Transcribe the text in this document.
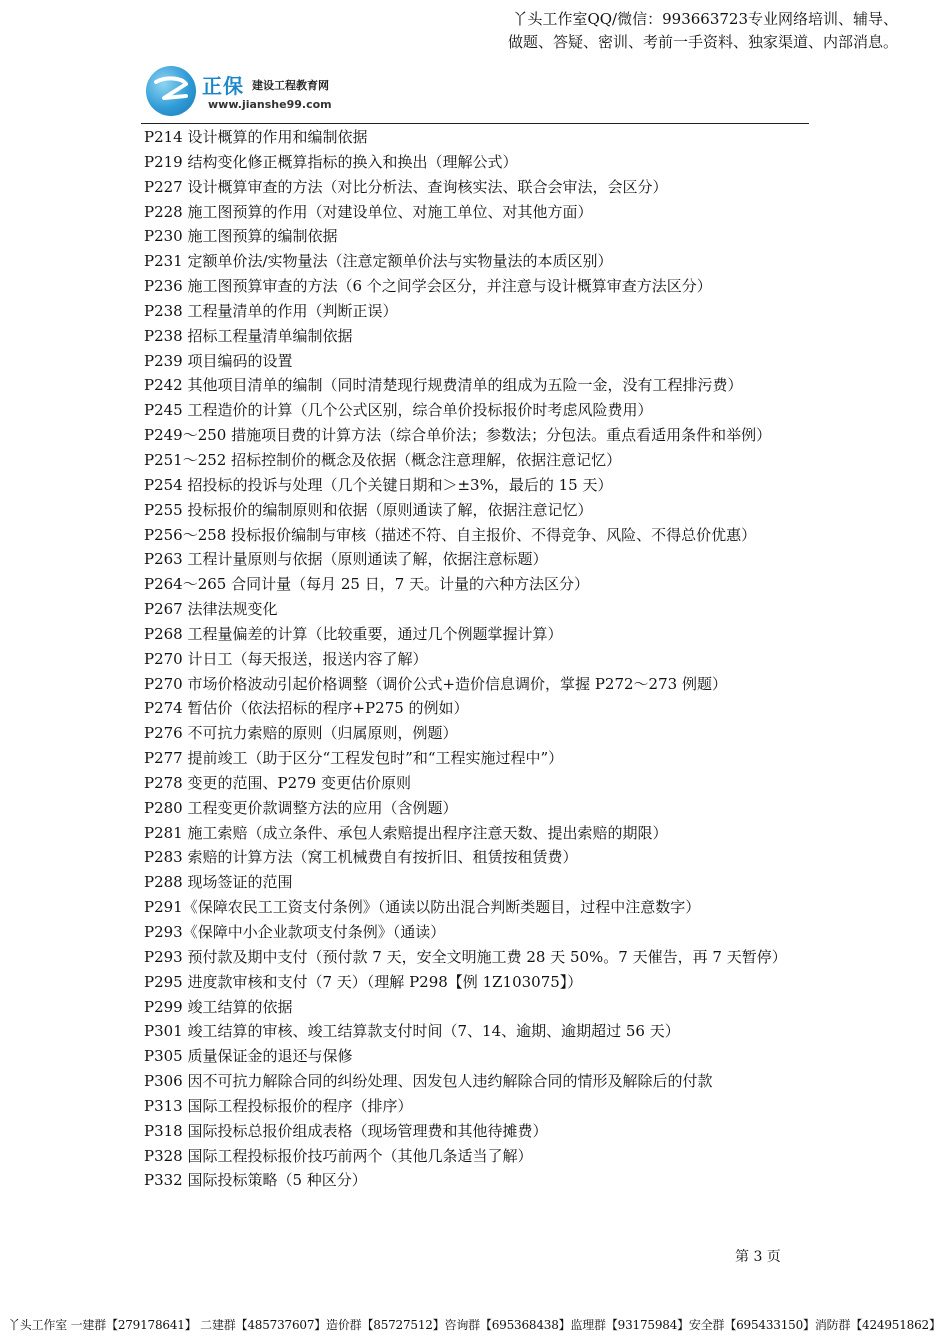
丫头工作室QQ/微信：993663723专业网络培训、辅导、
做题、答疑、密训、考前一手资料、独家渠道、内部消息。
正保 建设工程教育网
www.jianshe99.com
P214 设计概算的作用和编制依据
P219 结构变化修正概算指标的换入和换出（理解公式）
P227 设计概算审查的方法（对比分析法、查询核实法、联合会审法，会区分）
P228 施工图预算的作用（对建设单位、对施工单位、对其他方面）
P230 施工图预算的编制依据
P231 定额单价法/实物量法（注意定额单价法与实物量法的本质区别）
P236 施工图预算审查的方法（6 个之间学会区分，并注意与设计概算审查方法区分）
P238 工程量清单的作用（判断正误）
P238 招标工程量清单编制依据
P239 项目编码的设置
P242 其他项目清单的编制（同时清楚现行规费清单的组成为五险一金，没有工程排污费）
P245 工程造价的计算（几个公式区别，综合单价投标报价时考虑风险费用）
P249～250 措施项目费的计算方法（综合单价法；参数法；分包法。重点看适用条件和举例）
P251～252 招标控制价的概念及依据（概念注意理解，依据注意记忆）
P254 招投标的投诉与处理（几个关键日期和＞±3%，最后的 15 天）
P255 投标报价的编制原则和依据（原则通读了解，依据注意记忆）
P256～258 投标报价编制与审核（描述不符、自主报价、不得竞争、风险、不得总价优惠）
P263 工程计量原则与依据（原则通读了解，依据注意标题）
P264～265 合同计量（每月 25 日，7 天。计量的六种方法区分）
P267 法律法规变化
P268 工程量偏差的计算（比较重要，通过几个例题掌握计算）
P270 计日工（每天报送，报送内容了解）
P270 市场价格波动引起价格调整（调价公式+造价信息调价，掌握 P272～273 例题）
P274 暂估价（依法招标的程序+P275 的例如）
P276 不可抗力索赔的原则（归属原则，例题）
P277 提前竣工（助于区分“工程发包时”和“工程实施过程中”）
P278 变更的范围、P279 变更估价原则
P280 工程变更价款调整方法的应用（含例题）
P281 施工索赔（成立条件、承包人索赔提出程序注意天数、提出索赔的期限）
P283 索赔的计算方法（窝工机械费自有按折旧、租赁按租赁费）
P288 现场签证的范围
P291《保障农民工工资支付条例》（通读以防出混合判断类题目，过程中注意数字）
P293《保障中小企业款项支付条例》（通读）
P293 预付款及期中支付（预付款 7 天，安全文明施工费 28 天 50%。7 天催告，再 7 天暂停）
P295 进度款审核和支付（7 天）（理解 P298【例 1Z103075】）
P299 竣工结算的依据
P301 竣工结算的审核、竣工结算款支付时间（7、14、逾期、逾期超过 56 天）
P305 质量保证金的退还与保修
P306 因不可抗力解除合同的纠纷处理、因发包人违约解除合同的情形及解除后的付款
P313 国际工程投标报价的程序（排序）
P318 国际投标总报价组成表格（现场管理费和其他待摊费）
P328 国际工程投标报价技巧前两个（其他几条适当了解）
P332 国际投标策略（5 种区分）
第 3 页
丫头工作室 一建群【279178641】 二建群【485737607】造价群【85727512】咨询群【695368438】监理群【93175984】安全群【695433150】消防群【424951862】
